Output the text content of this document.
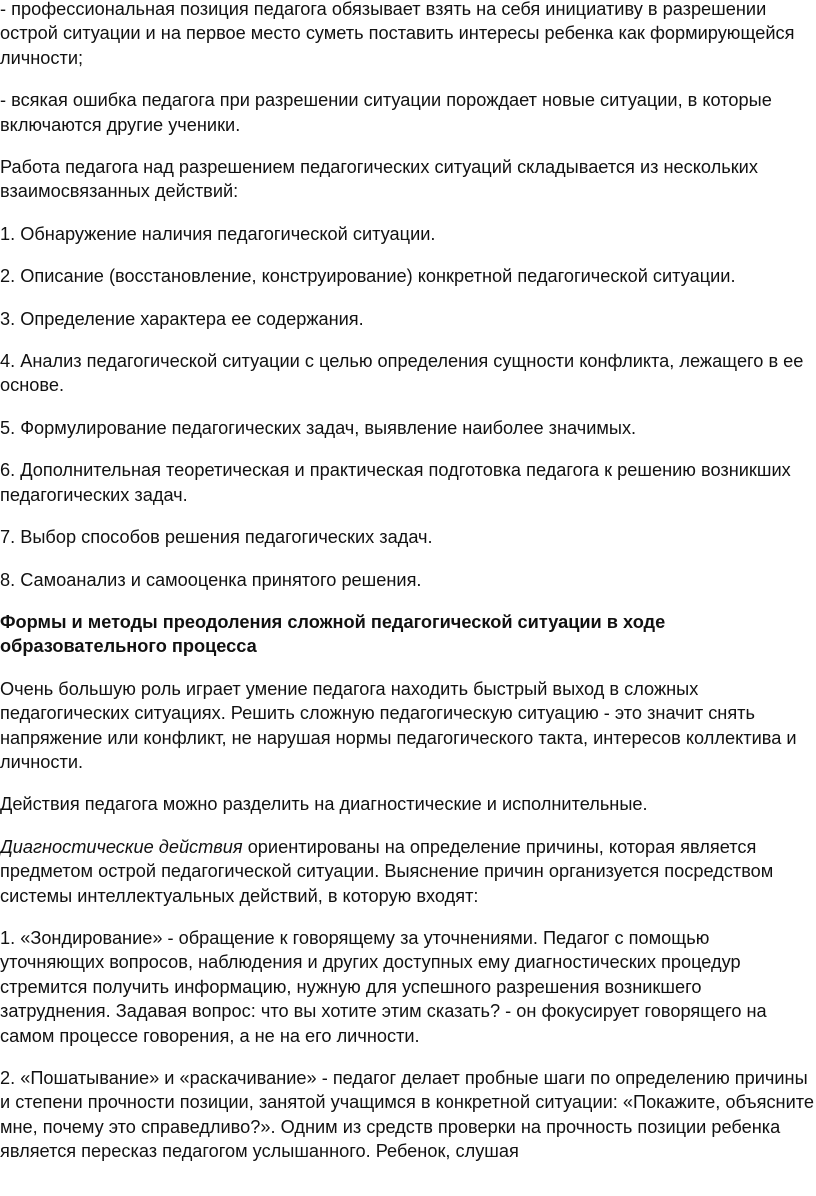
- профессиональная позиция педагога обязывает взять на себя инициативу в разрешении острой ситуации и на первое место суметь поставить интересы ребенка как формирующейся личности;

- всякая ошибка педагога при разрешении ситуации порождает новые ситуации, в которые включаются другие ученики.

Работа педагога над разрешением педагогических ситуаций складывается из нескольких взаимосвязанных действий:

1. Обнаружение наличия педагогической ситуации.

2. Описание (восстановление, конструирование) конкретной педагогической ситуации.

3. Определение характера ее содержания.

4. Анализ педагогической ситуации с целью определения сущности конфликта, лежащего в ее основе.

5. Формулирование педагогических задач, выявление наиболее значимых.

6. Дополнительная теоретическая и практическая подготовка педагога к решению возникших педагогических задач.

7. Выбор способов решения педагогических задач.

8. Самоанализ и самооценка принятого решения.

Формы и методы преодоления сложной педагогической ситуации в ходе образовательного процесса

Очень большую роль играет умение педагога находить быстрый выход в сложных педагогических ситуациях. Решить сложную педагогическую ситуацию - это значит снять напряжение или конфликт, не нарушая нормы педагогического такта, интересов коллектива и личности.

Действия педагога можно разделить на диагностические и исполнительные.

Диагностические действия ориентированы на определение причины, которая является предметом острой педагогической ситуации. Выяснение причин организуется посредством системы интеллектуальных действий, в которую входят:

1. «Зондирование» - обращение к говорящему за уточнениями. Педагог с помощью уточняющих вопросов, наблюдения и других доступных ему диагностических процедур стремится получить информацию, нужную для успешного разрешения возникшего затруднения. Задавая вопрос: что вы хотите этим сказать? - он фокусирует говорящего на самом процессе говорения, а не на его личности.

2. «Пошатывание» и «раскачивание» - педагог делает пробные шаги по определению причины и степени прочности позиции, занятой учащимся в конкретной ситуации: «Покажите, объясните мне, почему это справедливо?». Одним из средств проверки на прочность позиции ребенка является пересказ педагогом услышанного. Ребенок, слушая
